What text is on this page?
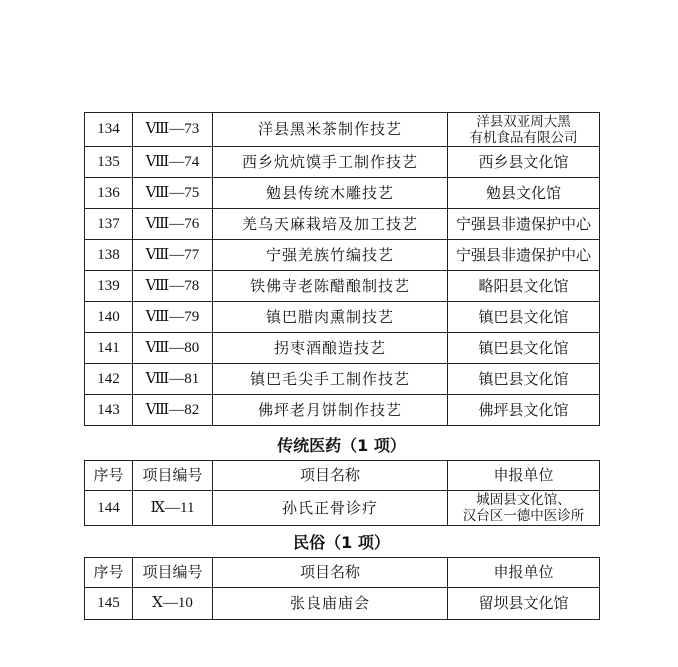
134	Ⅷ—73	洋县黑米茶制作技艺	洋县双亚周大黑
有机食品有限公司

135	Ⅷ—74	西乡炕炕馍手工制作技艺	西乡县文化馆
136	Ⅷ—75	勉县传统木雕技艺	勉县文化馆
137	Ⅷ—76	羌乌天麻栽培及加工技艺	宁强县非遗保护中心
138	Ⅷ—77	宁强羌族竹编技艺	宁强县非遗保护中心
139	Ⅷ—78	铁佛寺老陈醋酿制技艺	略阳县文化馆
140	Ⅷ—79	镇巴腊肉熏制技艺	镇巴县文化馆
141	Ⅷ—80	拐枣酒酿造技艺	镇巴县文化馆
142	Ⅷ—81	镇巴毛尖手工制作技艺	镇巴县文化馆
143	Ⅷ—82	佛坪老月饼制作技艺	佛坪县文化馆
传统医药（1 项）
序号	项目编号	项目名称	申报单位
144	Ⅸ—11	孙氏正骨诊疗	城固县文化馆、
汉台区一德中医诊所
民俗（1 项）
序号	项目编号	项目名称	申报单位
145	Ⅹ—10	张良庙庙会	留坝县文化馆
